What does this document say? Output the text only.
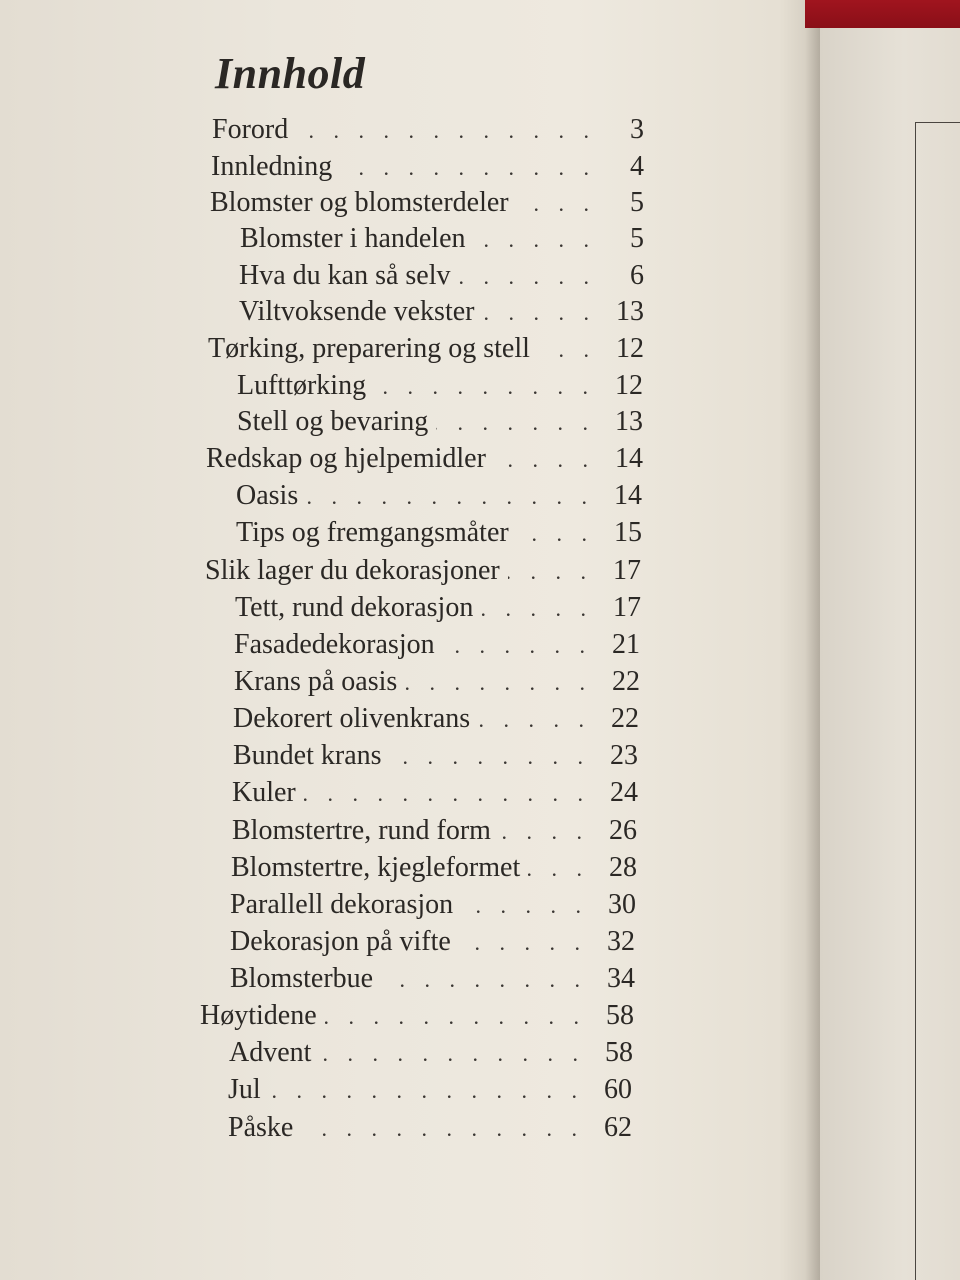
Innhold
Forord . . .	3
Innledning . . .	4
Blomster og blomsterdeler . . .	5
Blomster i handelen . . .	5
Hva du kan så selv . . .	6
Viltvoksende vekster . . .	13
Tørking, preparering og stell . . .	12
Lufttørking . . .	12
Stell og bevaring . . .	13
Redskap og hjelpemidler . . .	14
Oasis . . .	14
Tips og fremgangsmåter . . .	15
Slik lager du dekorasjoner . . .	17
Tett, rund dekorasjon . . .	17
Fasadedekorasjon . . .	21
Krans på oasis . . .	22
Dekorert olivenkrans . . .	22
Bundet krans . . .	23
Kuler . . .	24
Blomstertre, rund form . . .	26
Blomstertre, kjegleformet . . .	28
Parallell dekorasjon . . .	30
Dekorasjon på vifte . . .	32
Blomsterbue . . .	34
Høytidene . . .	58
Advent . . .	58
Jul . . .	60
Påske . . .	62
